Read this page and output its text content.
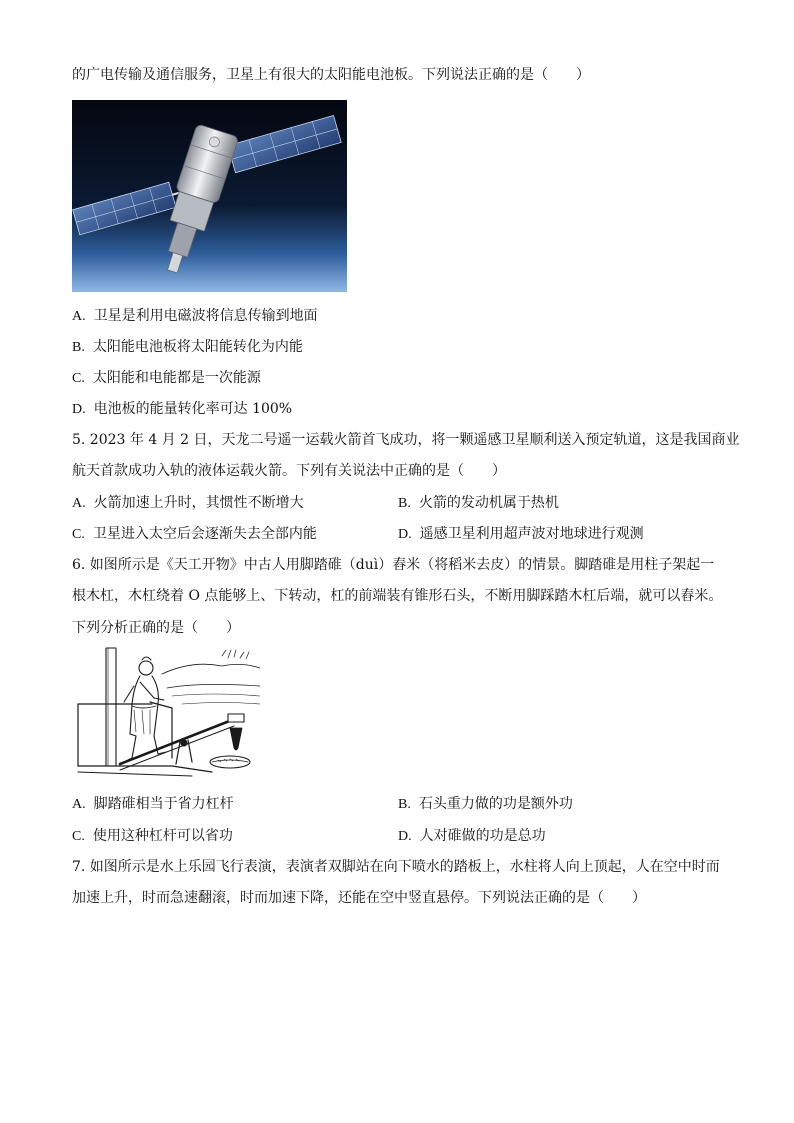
的广电传输及通信服务，卫星上有很大的太阳能电池板。下列说法正确的是（　　）
A. 卫星是利用电磁波将信息传输到地面
B. 太阳能电池板将太阳能转化为内能
C. 太阳能和电能都是一次能源
D. 电池板的能量转化率可达 100%
5. 2023 年 4 月 2 日，天龙二号遥一运载火箭首飞成功，将一颗遥感卫星顺利送入预定轨道，这是我国商业
航天首款成功入轨的液体运载火箭。下列有关说法中正确的是（　　）
A. 火箭加速上升时，其惯性不断增大	B. 火箭的发动机属于热机
C. 卫星进入太空后会逐渐失去全部内能	D. 遥感卫星利用超声波对地球进行观测
6. 如图所示是《天工开物》中古人用脚踏碓（duì）舂米（将稻米去皮）的情景。脚踏碓是用柱子架起一
根木杠，木杠绕着 O 点能够上、下转动，杠的前端装有锥形石头，不断用脚踩踏木杠后端，就可以舂米。
下列分析正确的是（　　）
A. 脚踏碓相当于省力杠杆	B. 石头重力做的功是额外功
C. 使用这种杠杆可以省功	D. 人对碓做的功是总功
7. 如图所示是水上乐园飞行表演，表演者双脚站在向下喷水的踏板上，水柱将人向上顶起，人在空中时而
加速上升，时而急速翻滚，时而加速下降，还能在空中竖直悬停。下列说法正确的是（　　）
